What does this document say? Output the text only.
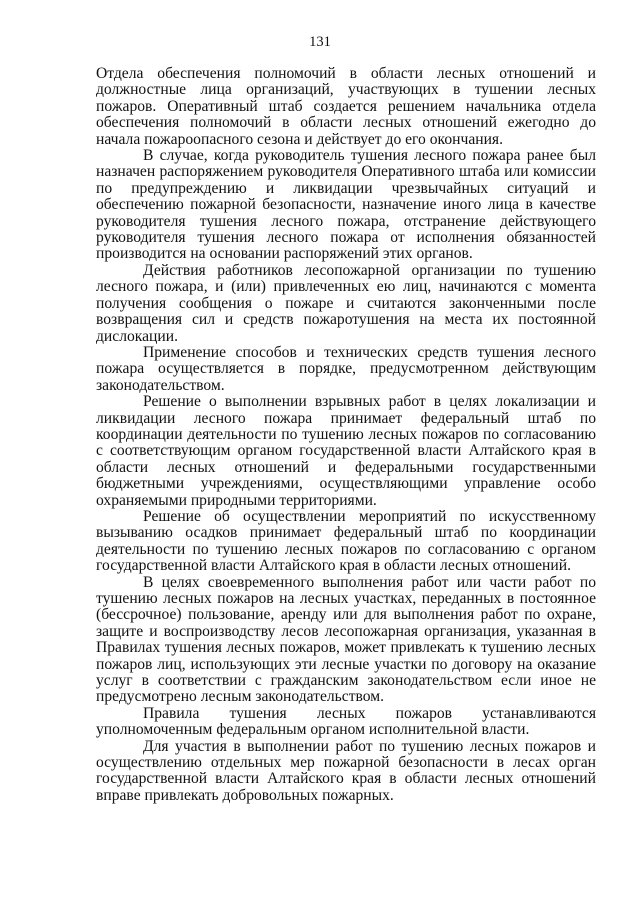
131

Отдела обеспечения полномочий в области лесных отношений и должностные лица организаций, участвующих в тушении лесных пожаров. Оперативный штаб создается решением начальника отдела обеспечения полномочий в области лесных отношений ежегодно до начала пожароопасного сезона и действует до его окончания.

В случае, когда руководитель тушения лесного пожара ранее был назначен распоряжением руководителя Оперативного штаба или комиссии по предупреждению и ликвидации чрезвычайных ситуаций и обеспечению пожарной безопасности, назначение иного лица в качестве руководителя тушения лесного пожара, отстранение действующего руководителя тушения лесного пожара от исполнения обязанностей производится на основании распоряжений этих органов.

Действия работников лесопожарной организации по тушению лесного пожара, и (или) привлеченных ею лиц, начинаются с момента получения сообщения о пожаре и считаются законченными после возвращения сил и средств пожаротушения на места их постоянной дислокации.

Применение способов и технических средств тушения лесного пожара осуществляется в порядке, предусмотренном действующим законодательством.

Решение о выполнении взрывных работ в целях локализации и ликвидации лесного пожара принимает федеральный штаб по координации деятельности по тушению лесных пожаров по согласованию с соответствующим органом государственной власти Алтайского края в области лесных отношений и федеральными государственными бюджетными учреждениями, осуществляющими управление особо охраняемыми природными территориями.

Решение об осуществлении мероприятий по искусственному вызыванию осадков принимает федеральный штаб по координации деятельности по тушению лесных пожаров по согласованию с органом государственной власти Алтайского края в области лесных отношений.

В целях своевременного выполнения работ или части работ по тушению лесных пожаров на лесных участках, переданных в постоянное (бессрочное) пользование, аренду или для выполнения работ по охране, защите и воспроизводству лесов лесопожарная организация, указанная в Правилах тушения лесных пожаров, может привлекать к тушению лесных пожаров лиц, использующих эти лесные участки по договору на оказание услуг в соответствии с гражданским законодательством если иное не предусмотрено лесным законодательством.

Правила тушения лесных пожаров устанавливаются уполномоченным федеральным органом исполнительной власти.

Для участия в выполнении работ по тушению лесных пожаров и осуществлению отдельных мер пожарной безопасности в лесах орган государственной власти Алтайского края в области лесных отношений вправе привлекать добровольных пожарных.
